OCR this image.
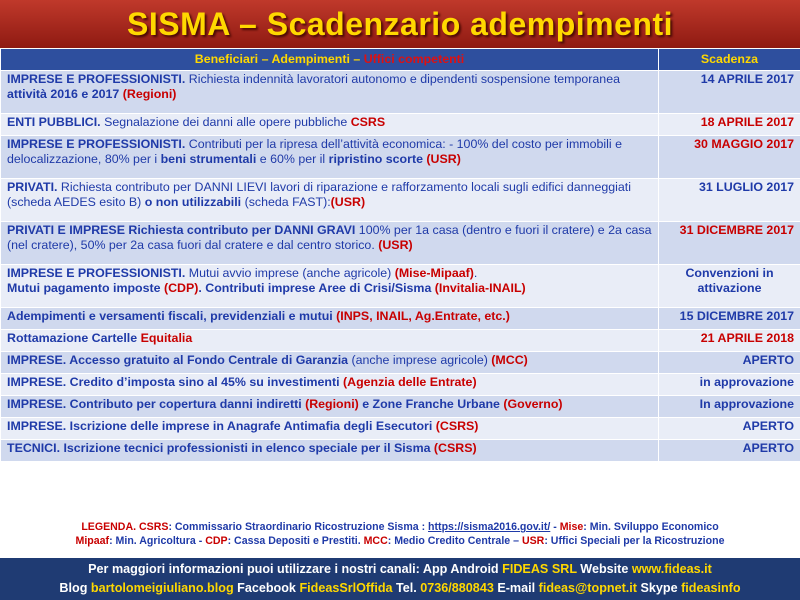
SISMA – Scadenzario adempimenti
Beneficiari – Adempimenti – Uffici competenti	Scadenza
IMPRESE E PROFESSIONISTI. Richiesta indennità lavoratori autonomo e dipendenti sospensione temporanea attività 2016 e 2017 (Regioni)	14 APRILE 2017
ENTI PUBBLICI. Segnalazione dei danni alle opere pubbliche CSRS	18 APRILE 2017
IMPRESE E PROFESSIONISTI. Contributi per la ripresa dell’attività economica: - 100% del costo per immobili e delocalizzazione, 80% per i beni strumentali e 60% per il ripristino scorte (USR)	30 MAGGIO 2017
PRIVATI. Richiesta contributo per DANNI LIEVI lavori di riparazione e rafforzamento locali sugli edifici danneggiati (scheda AEDES esito B) o non utilizzabili (scheda FAST):(USR)	31 LUGLIO 2017
PRIVATI E IMPRESE Richiesta contributo per DANNI GRAVI 100% per 1a casa (dentro e fuori il cratere) e 2a casa (nel cratere), 50% per 2a casa fuori dal cratere e dal centro storico. (USR)	31 DICEMBRE 2017
IMPRESE E PROFESSIONISTI. Mutui avvio imprese (anche agricole) (Mise-Mipaaf).
Mutui pagamento imposte (CDP). Contributi imprese Aree di Crisi/Sisma (Invitalia-INAIL)	Convenzioni in attivazione
Adempimenti e versamenti fiscali, previdenziali e mutui (INPS, INAIL, Ag.Entrate, etc.)	15 DICEMBRE 2017
Rottamazione Cartelle Equitalia	21 APRILE 2018
IMPRESE. Accesso gratuito al Fondo Centrale di Garanzia (anche imprese agricole) (MCC)	APERTO
IMPRESE. Credito d’imposta sino al 45% su investimenti (Agenzia delle Entrate)	in approvazione
IMPRESE. Contributo per copertura danni indiretti (Regioni) e Zone Franche Urbane (Governo)	In approvazione
IMPRESE. Iscrizione delle imprese in Anagrafe Antimafia degli Esecutori (CSRS)	APERTO
TECNICI. Iscrizione tecnici professionisti in elenco speciale per il Sisma (CSRS)	APERTO
LEGENDA. CSRS: Commissario Straordinario Ricostruzione Sisma : https://sisma2016.gov.it/ - Mise: Min. Sviluppo Economico
Mipaaf: Min. Agricoltura - CDP: Cassa Depositi e Prestiti. MCC: Medio Credito Centrale – USR: Uffici Speciali per la Ricostruzione
Per maggiori informazioni puoi utilizzare i nostri canali: App Android FIDEAS SRL Website www.fideas.it
Blog bartolomeigiuliano.blog Facebook FideasSrlOffida Tel. 0736/880843 E-mail fideas@topnet.it Skype fideasinfo
